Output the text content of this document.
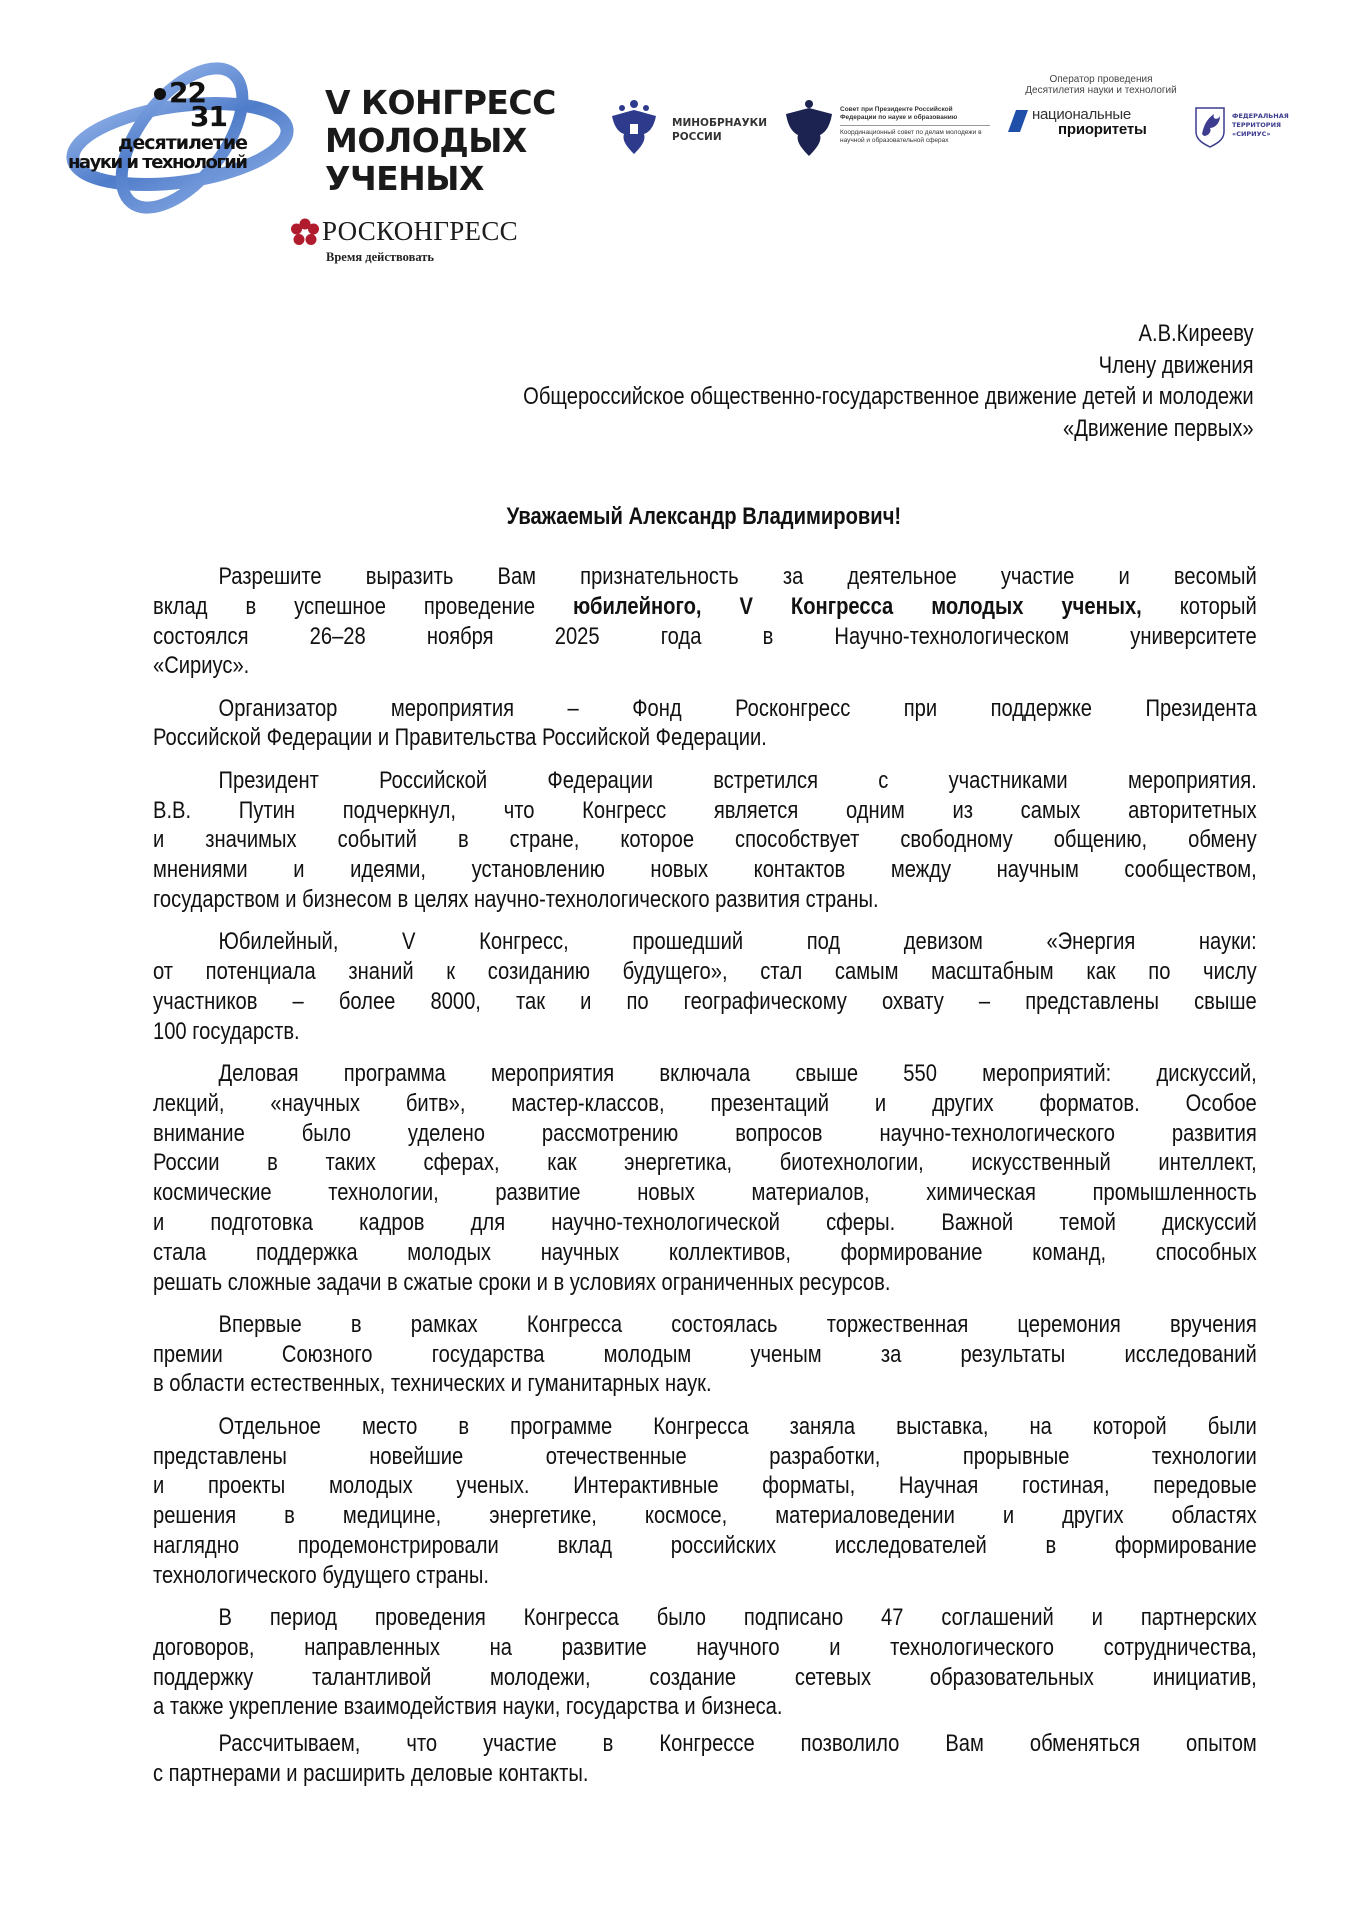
22
31
десятилетие
науки и технологий
V КОНГРЕСС
МОЛОДЫХ
УЧЕНЫХ
РОСКОНГРЕСС
Время действовать
МИНОБРНАУКИ
РОССИИ
Совет при Президенте Российской Федерации по науке и образованию
Координационный совет по делам молодежи в научной и образовательной сферах
Оператор проведения
Десятилетия науки и технологий
национальные
приоритеты
ФЕДЕРАЛЬНАЯ
ТЕРРИТОРИЯ
«СИРИУС»
А.В.Кирееву
Члену движения
Общероссийское общественно-государственное движение детей и молодежи
«Движение первых»
Уважаемый Александр Владимирович!
Разрешите выразить Вам признательность за деятельное участие и весомый
вклад в успешное проведение юбилейного, V Конгресса молодых ученых, который
состоялся 26–28 ноября 2025 года в Научно-технологическом университете
«Сириус».
Организатор мероприятия – Фонд Росконгресс при поддержке Президента
Российской Федерации и Правительства Российской Федерации.
Президент Российской Федерации встретился с участниками мероприятия.
В.В. Путин подчеркнул, что Конгресс является одним из самых авторитетных
и значимых событий в стране, которое способствует свободному общению, обмену
мнениями и идеями, установлению новых контактов между научным сообществом,
государством и бизнесом в целях научно-технологического развития страны.
Юбилейный, V Конгресс, прошедший под девизом «Энергия науки:
от потенциала знаний к созиданию будущего», стал самым масштабным как по числу
участников – более 8000, так и по географическому охвату – представлены свыше
100 государств.
Деловая программа мероприятия включала свыше 550 мероприятий: дискуссий,
лекций, «научных битв», мастер-классов, презентаций и других форматов. Особое
внимание было уделено рассмотрению вопросов научно-технологического развития
России в таких сферах, как энергетика, биотехнологии, искусственный интеллект,
космические технологии, развитие новых материалов, химическая промышленность
и подготовка кадров для научно-технологической сферы. Важной темой дискуссий
стала поддержка молодых научных коллективов, формирование команд, способных
решать сложные задачи в сжатые сроки и в условиях ограниченных ресурсов.
Впервые в рамках Конгресса состоялась торжественная церемония вручения
премии Союзного государства молодым ученым за результаты исследований
в области естественных, технических и гуманитарных наук.
Отдельное место в программе Конгресса заняла выставка, на которой были
представлены новейшие отечественные разработки, прорывные технологии
и проекты молодых ученых. Интерактивные форматы, Научная гостиная, передовые
решения в медицине, энергетике, космосе, материаловедении и других областях
наглядно продемонстрировали вклад российских исследователей в формирование
технологического будущего страны.
В период проведения Конгресса было подписано 47 соглашений и партнерских
договоров, направленных на развитие научного и технологического сотрудничества,
поддержку талантливой молодежи, создание сетевых образовательных инициатив,
а также укрепление взаимодействия науки, государства и бизнеса.
Рассчитываем, что участие в Конгрессе позволило Вам обменяться опытом
с партнерами и расширить деловые контакты.
